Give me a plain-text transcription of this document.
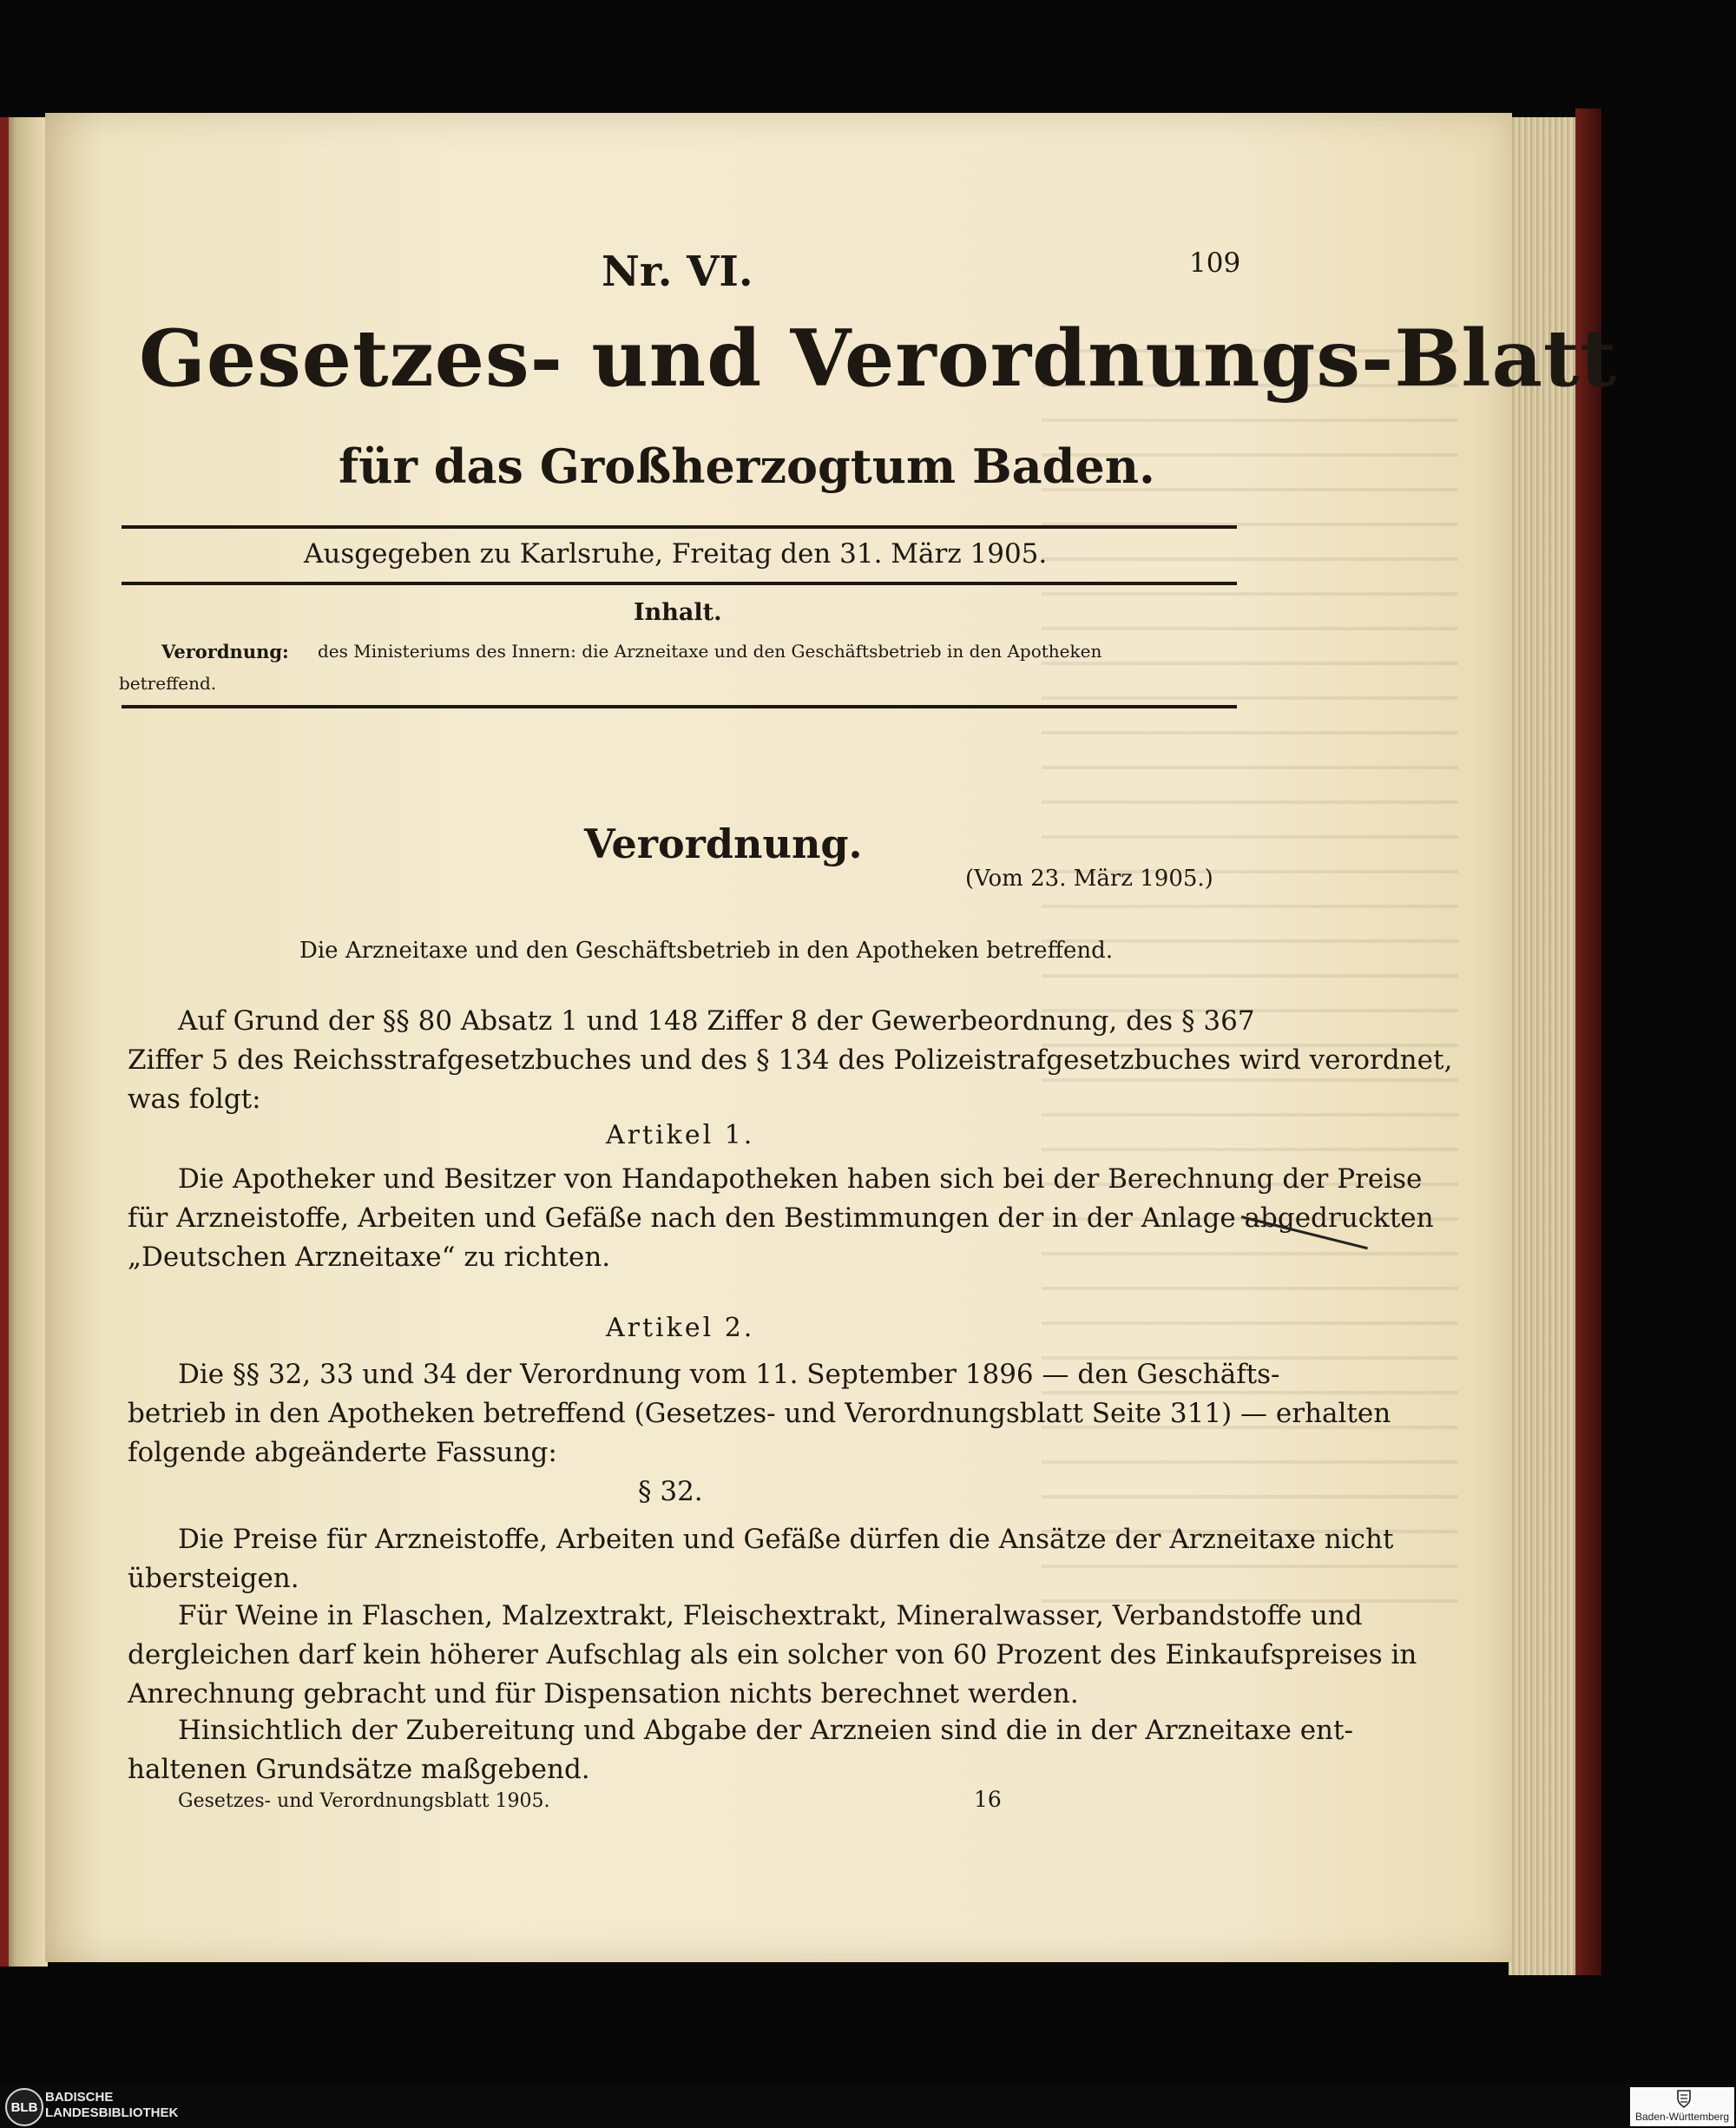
Nr. VI.	109
Gesetzes- und Verordnungs-Blatt
für das Großherzogtum Baden.
Ausgegeben zu Karlsruhe, Freitag den 31. März 1905.
Inhalt.
Verordnung: des Ministeriums des Innern: die Arzneitaxe und den Geschäftsbetrieb in den Apotheken
betreffend.
Verordnung.
(Vom 23. März 1905.)
Die Arzneitaxe und den Geschäftsbetrieb in den Apotheken betreffend.
Auf Grund der §§ 80 Absatz 1 und 148 Ziffer 8 der Gewerbeordnung, des § 367
Ziffer 5 des Reichsstrafgesetzbuches und des § 134 des Polizeistrafgesetzbuches wird verordnet,
was folgt:
Artikel 1.
Die Apotheker und Besitzer von Handapotheken haben sich bei der Berechnung der Preise
für Arzneistoffe, Arbeiten und Gefäße nach den Bestimmungen der in der Anlage abgedruckten
„Deutschen Arzneitaxe“ zu richten.
Artikel 2.
Die §§ 32, 33 und 34 der Verordnung vom 11. September 1896 — den Geschäfts-
betrieb in den Apotheken betreffend (Gesetzes- und Verordnungsblatt Seite 311) — erhalten
folgende abgeänderte Fassung:
§ 32.
Die Preise für Arzneistoffe, Arbeiten und Gefäße dürfen die Ansätze der Arzneitaxe nicht
übersteigen.
Für Weine in Flaschen, Malzextrakt, Fleischextrakt, Mineralwasser, Verbandstoffe und
dergleichen darf kein höherer Aufschlag als ein solcher von 60 Prozent des Einkaufspreises in
Anrechnung gebracht und für Dispensation nichts berechnet werden.
Hinsichtlich der Zubereitung und Abgabe der Arzneien sind die in der Arzneitaxe ent-
haltenen Grundsätze maßgebend.
Gesetzes- und Verordnungsblatt 1905.	16
BLB
BADISCHE
LANDESBIBLIOTHEK	Baden-Württemberg
